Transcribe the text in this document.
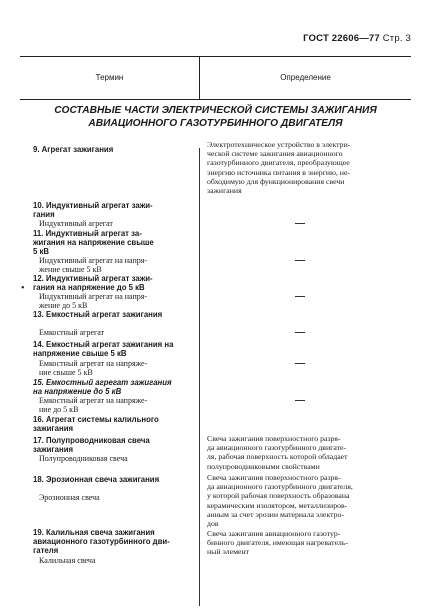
ГОСТ 22606—77 Стр. 3
Термин	Определение
СОСТАВНЫЕ ЧАСТИ ЭЛЕКТРИЧЕСКОЙ СИСТЕМЫ ЗАЖИГАНИЯ
АВИАЦИОННОГО ГАЗОТУРБИННОГО ДВИГАТЕЛЯ
•
9. Агрегат зажигания
10. Индуктивный агрегат зажи-
гания
Индуктивный агрегат
11. Индуктивный агрегат за-
жигания на напряжение свыше
5 кВ
Индуктивный агрегат на напря-
жение свыше 5 кВ
12. Индуктивный агрегат зажи-
гания на напряжение до 5 кВ
Индуктивный агрегат на напря-
жение до 5 кВ
13. Емкостный агрегат зажигания
Емкостный агрегат
14. Емкостный агрегат зажигания на напряжение свыше 5 кВ
Емкостный агрегат на напряже-
ние свыше 5 кВ
15. Емкостный агрегат зажигания
на напряжение до 5 кВ
Емкостный агрегат на напряже-
ние до 5 кВ
16. Агрегат системы калильного
зажигания
17. Полупроводниковая свеча
зажигания
Полупроводниковая свеча
18. Эрозионная свеча зажигания
Эрозионная свеча
19. Калильная свеча зажигания
авиационного газотурбинного дви-
гателя
Калильная свеча
Электротехническое устройство в электри-
ческой системе зажигания авиационного
газотурбинного двигателя, преобразующее
энергию источника питания в энергию, не-
обходимую для функционирования свечи
зажигания
Свеча зажигания поверхностного разря-
да авиационного газотурбинного двигате-
ля, рабочая поверхность которой обладает
полупроводниковыми свойствами
Свеча зажигания поверхностного разря-
да авиационного газотурбинного двигателя,
у которой рабочая поверхность образована
керамическим изолятором, металлизиров-
анным за счет эрозии материала электро-
дов
Свеча зажигания авиационного газотур-
бинного двигателя, имеющая нагреватель-
ный элемент
